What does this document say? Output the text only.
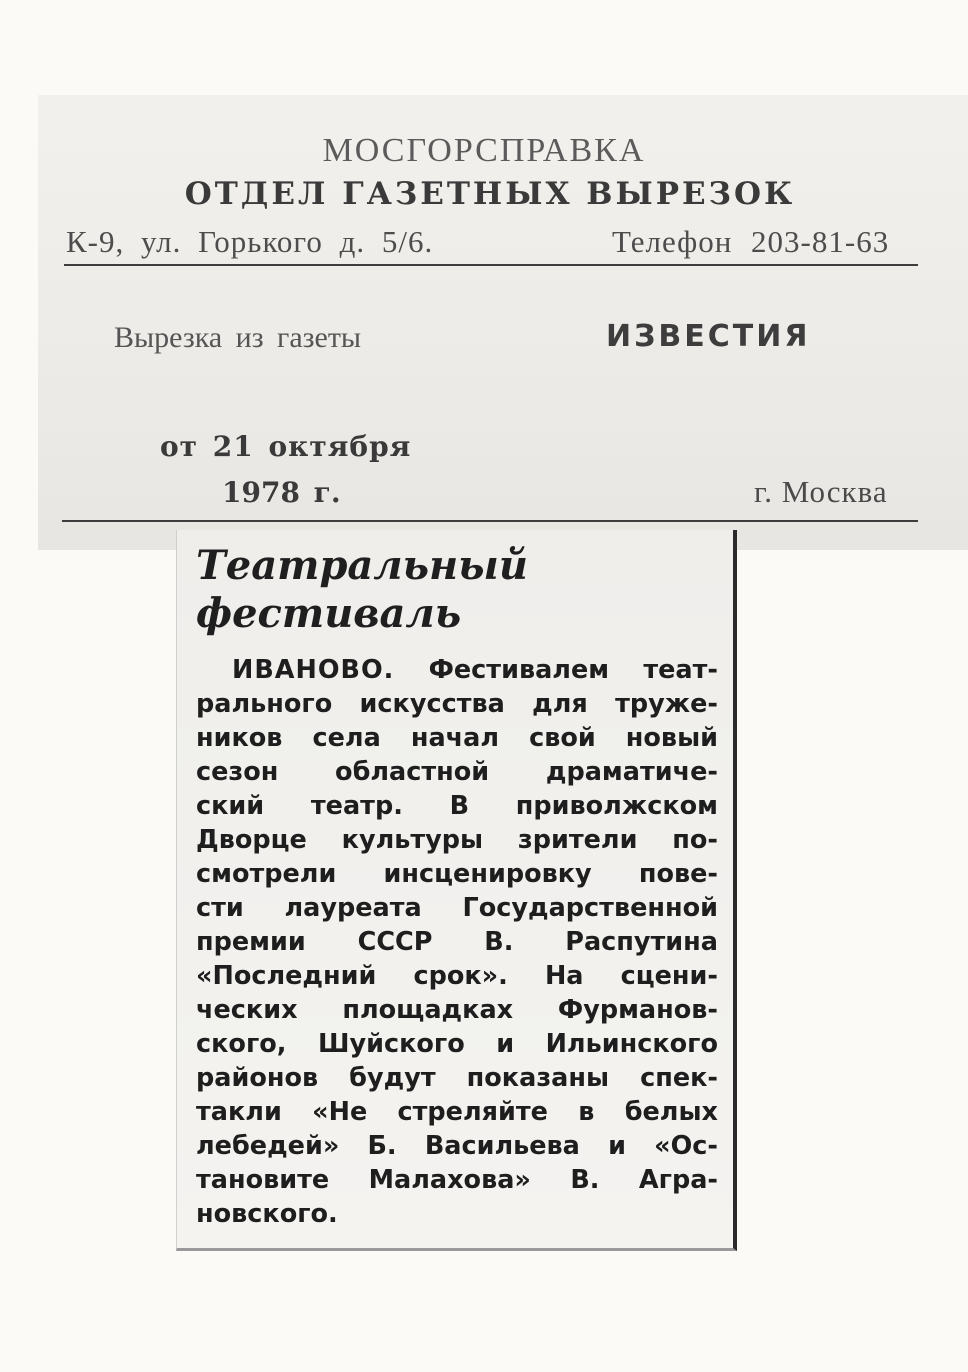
МОСГОРСПРАВКА
ОТДЕЛ ГАЗЕТНЫХ ВЫРЕЗОК
К-9, ул. Горького д. 5/6.	Телефон 203-81-63
Вырезка из газеты	ИЗВЕСТИЯ
от 21 октября
1978 г.	г. Москва
Театральный
фестиваль
ИВАНОВО. Фестивалем теат-
рального искусства для труже-
ников села начал свой новый
сезон областной драматиче-
ский театр. В приволжском
Дворце культуры зрители по-
смотрели инсценировку пове-
сти лауреата Государственной
премии СССР В. Распутина
«Последний срок». На сцени-
ческих площадках Фурманов-
ского, Шуйского и Ильинского
районов будут показаны спек-
такли «Не стреляйте в белых
лебедей» Б. Васильева и «Ос-
тановите Малахова» В. Агра-
новского.
